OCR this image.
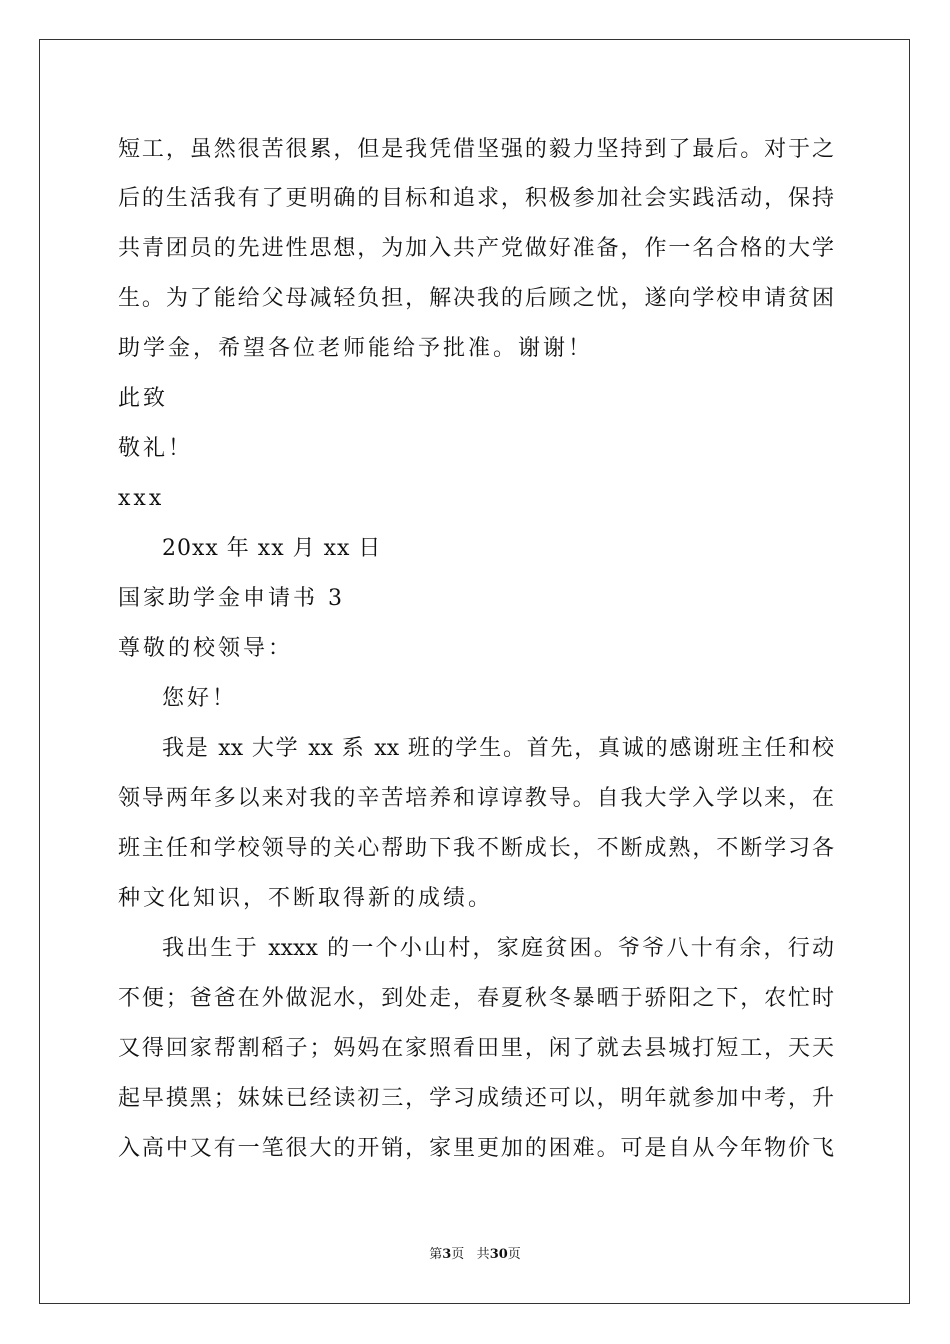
短工，虽然很苦很累，但是我凭借坚强的毅力坚持到了最后。对于之
后的生活我有了更明确的目标和追求，积极参加社会实践活动，保持
共青团员的先进性思想，为加入共产党做好准备，作一名合格的大学
生。为了能给父母减轻负担，解决我的后顾之忧，遂向学校申请贫困
助学金，希望各位老师能给予批准。谢谢！
此致
敬礼！
xxx
20xx 年 xx 月 xx 日
国家助学金申请书 3
尊敬的校领导：
您好！
我是 xx 大学 xx 系 xx 班的学生。首先，真诚的感谢班主任和校
领导两年多以来对我的辛苦培养和谆谆教导。自我大学入学以来，在
班主任和学校领导的关心帮助下我不断成长，不断成熟，不断学习各
种文化知识，不断取得新的成绩。
我出生于 xxxx 的一个小山村，家庭贫困。爷爷八十有余，行动
不便；爸爸在外做泥水，到处走，春夏秋冬暴晒于骄阳之下，农忙时
又得回家帮割稻子；妈妈在家照看田里，闲了就去县城打短工，天天
起早摸黑；妹妹已经读初三，学习成绩还可以，明年就参加中考，升
入高中又有一笔很大的开销，家里更加的困难。可是自从今年物价飞
第3页 共30页
